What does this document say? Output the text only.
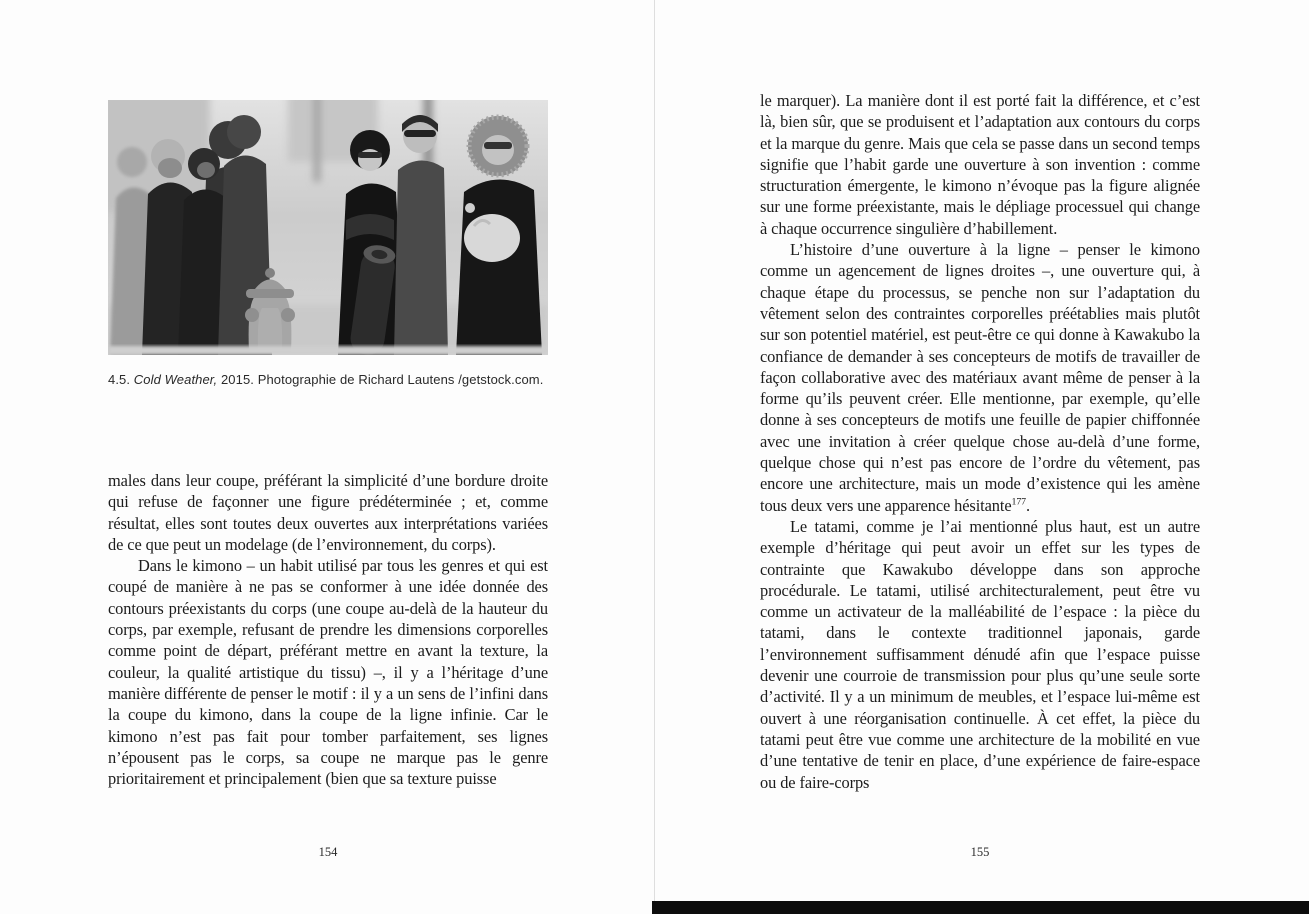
4.5. Cold Weather, 2015. Photographie de Richard Lautens /getstock.com.

males dans leur coupe, préférant la simplicité d’une bordure droite qui refuse de façonner une figure prédéterminée ; et, comme résultat, elles sont toutes deux ouvertes aux interprétations variées de ce que peut un modelage (de l’environnement, du corps).

Dans le kimono – un habit utilisé par tous les genres et qui est coupé de manière à ne pas se conformer à une idée donnée des contours préexistants du corps (une coupe au-delà de la hauteur du corps, par exemple, refusant de prendre les dimensions corporelles comme point de départ, préférant mettre en avant la texture, la couleur, la qualité artistique du tissu) –, il y a l’héritage d’une manière différente de penser le motif : il y a un sens de l’infini dans la coupe du kimono, dans la coupe de la ligne infinie. Car le kimono n’est pas fait pour tomber parfaitement, ses lignes n’épousent pas le corps, sa coupe ne marque pas le genre prioritairement et principalement (bien que sa texture puisse

154

le marquer). La manière dont il est porté fait la différence, et c’est là, bien sûr, que se produisent et l’adaptation aux contours du corps et la marque du genre. Mais que cela se passe dans un second temps signifie que l’habit garde une ouverture à son invention : comme structuration émergente, le kimono n’évoque pas la figure alignée sur une forme préexistante, mais le dépliage processuel qui change à chaque occurrence singulière d’habillement.

L’histoire d’une ouverture à la ligne – penser le kimono comme un agencement de lignes droites –, une ouverture qui, à chaque étape du processus, se penche non sur l’adaptation du vêtement selon des contraintes corporelles préétablies mais plutôt sur son potentiel matériel, est peut-être ce qui donne à Kawakubo la confiance de demander à ses concepteurs de motifs de travailler de façon collaborative avec des matériaux avant même de penser à la forme qu’ils peuvent créer. Elle mentionne, par exemple, qu’elle donne à ses concepteurs de motifs une feuille de papier chiffonnée avec une invitation à créer quelque chose au-delà d’une forme, quelque chose qui n’est pas encore de l’ordre du vêtement, pas encore une architecture, mais un mode d’existence qui les amène tous deux vers une apparence hésitante$^{177}$.

Le tatami, comme je l’ai mentionné plus haut, est un autre exemple d’héritage qui peut avoir un effet sur les types de contrainte que Kawakubo développe dans son approche procédurale. Le tatami, utilisé architecturalement, peut être vu comme un activateur de la malléabilité de l’espace : la pièce du tatami, dans le contexte traditionnel japonais, garde l’environnement suffisamment dénudé afin que l’espace puisse devenir une courroie de transmission pour plus qu’une seule sorte d’activité. Il y a un minimum de meubles, et l’espace lui-même est ouvert à une réorganisation continuelle. À cet effet, la pièce du tatami peut être vue comme une architecture de la mobilité en vue d’une tentative de tenir en place, d’une expérience de faire-espace ou de faire-corps

155
